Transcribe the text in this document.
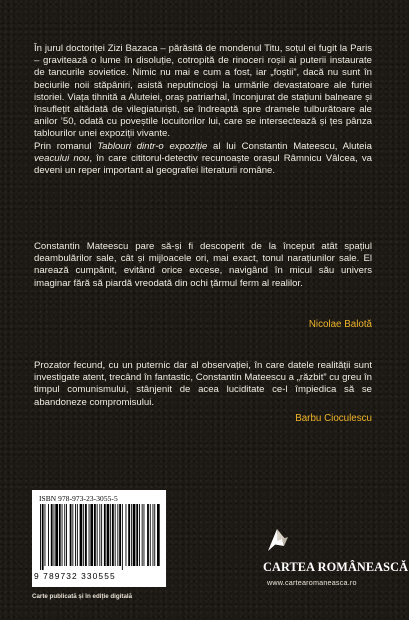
În jurul doctoriței Zizi Bazaca – părăsită de mondenul Titu, soțul ei fugit la Paris – gravitează o lume în disoluție, cotropită de rinoceri roșii ai puterii instaurate de tancurile sovietice. Nimic nu mai e cum a fost, iar „foștii”, dacă nu sunt în beciurile noii stăpâniri, asistă neputincioși la urmările devastatoare ale furiei istoriei. Viața tihnită a Aluteiei, oraș patriarhal, înconjurat de stațiuni balneare și însuflețit altădată de vilegiaturiști, se îndreaptă spre dramele tulburătoare ale anilor ’50, odată cu poveștile locuitorilor lui, care se intersectează și țes pânza tablourilor unei expoziții vivante.

Prin romanul Tablouri dintr-o expoziție al lui Constantin Mateescu, Aluteia veacului nou, în care cititorul-detectiv recunoaște orașul Râmnicu Vâlcea, va deveni un reper important al geografiei literaturii române.

Constantin Mateescu pare să-și fi descoperit de la început atât spațiul deambulărilor sale, cât și mijloacele ori, mai exact, tonul narațiunilor sale. El narează cumpănit, evitând orice excese, navigând în micul său univers imaginar fără să piardă vreodată din ochi țărmul ferm al realilor.

Nicolae Balotă

Prozator fecund, cu un puternic dar al observației, în care datele realității sunt investigate atent, trecând în fantastic, Constantin Mateescu a „răzbit” cu greu în timpul comunismului, stânjenit de acea luciditate ce-l împiedica să se abandoneze compromisului.

Barbu Cioculescu
ISBN 978-973-23-3055-5
9 789732 330555
Carte publicată și în ediție digitală
CARTEA ROMÂNEASCĂ
www.cartearomaneasca.ro
